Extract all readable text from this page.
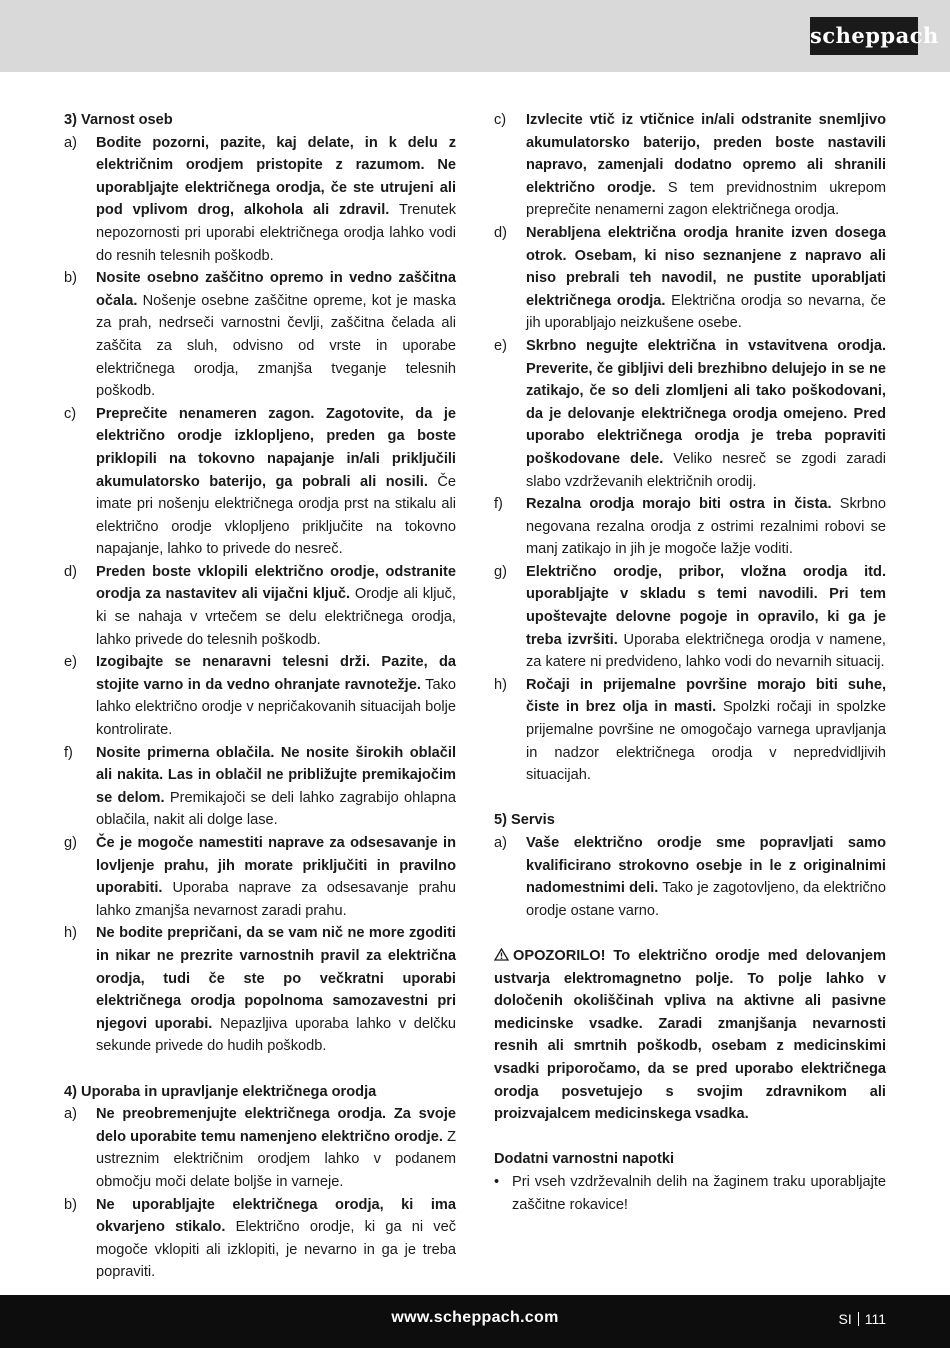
scheppach
3) Varnost oseb
a)	Bodite pozorni, pazite, kaj delate, in k delu z električnim orodjem pristopite z razumom. Ne uporabljajte električnega orodja, če ste utrujeni ali pod vplivom drog, alkohola ali zdravil. Trenutek nepozornosti pri uporabi električnega orodja lahko vodi do resnih telesnih poškodb.
b)	Nosite osebno zaščitno opremo in vedno zaščitna očala. Nošenje osebne zaščitne opreme, kot je maska za prah, nedrseči varnostni čevlji, zaščitna čelada ali zaščita za sluh, odvisno od vrste in uporabe električnega orodja, zmanjša tveganje telesnih poškodb.
c)	Preprečite nenameren zagon. Zagotovite, da je električno orodje izklopljeno, preden ga boste priklopili na tokovno napajanje in/ali priključili akumulatorsko baterijo, ga pobrali ali nosili. Če imate pri nošenju električnega orodja prst na stikalu ali električno orodje vklopljeno priključite na tokovno napajanje, lahko to privede do nesreč.
d)	Preden boste vklopili električno orodje, odstranite orodja za nastavitev ali vijačni ključ. Orodje ali ključ, ki se nahaja v vrtečem se delu električnega orodja, lahko privede do telesnih poškodb.
e)	Izogibajte se nenaravni telesni drži. Pazite, da stojite varno in da vedno ohranjate ravnotežje. Tako lahko električno orodje v nepričakovanih situacijah bolje kontrolirate.
f)	Nosite primerna oblačila. Ne nosite širokih oblačil ali nakita. Las in oblačil ne približujte premikajočim se delom. Premikajoči se deli lahko zagrabijo ohlapna oblačila, nakit ali dolge lase.
g)	Če je mogoče namestiti naprave za odsesavanje in lovljenje prahu, jih morate priključiti in pravilno uporabiti. Uporaba naprave za odsesavanje prahu lahko zmanjša nevarnost zaradi prahu.
h)	Ne bodite prepričani, da se vam nič ne more zgoditi in nikar ne prezrite varnostnih pravil za električna orodja, tudi če ste po večkratni uporabi električnega orodja popolnoma samozavestni pri njegovi uporabi. Nepazljiva uporaba lahko v delčku sekunde privede do hudih poškodb.
4) Uporaba in upravljanje električnega orodja
a)	Ne preobremenjujte električnega orodja. Za svoje delo uporabite temu namenjeno električno orodje. Z ustreznim električnim orodjem lahko v podanem območju moči delate boljše in varneje.
b)	Ne uporabljajte električnega orodja, ki ima okvarjeno stikalo. Električno orodje, ki ga ni več mogoče vklopiti ali izklopiti, je nevarno in ga je treba popraviti.
c)	Izvlecite vtič iz vtičnice in/ali odstranite snemljivo akumulatorsko baterijo, preden boste nastavili napravo, zamenjali dodatno opremo ali shranili električno orodje. S tem previdnostnim ukrepom preprečite nenamerni zagon električnega orodja.
d)	Nerabljena električna orodja hranite izven dosega otrok. Osebam, ki niso seznanjene z napravo ali niso prebrali teh navodil, ne pustite uporabljati električnega orodja. Električna orodja so nevarna, če jih uporabljajo neizkušene osebe.
e)	Skrbno negujte električna in vstavitvena orodja. Preverite, če gibljivi deli brezhibno delujejo in se ne zatikajo, če so deli zlomljeni ali tako poškodovani, da je delovanje električnega orodja omejeno. Pred uporabo električnega orodja je treba popraviti poškodovane dele. Veliko nesreč se zgodi zaradi slabo vzdrževanih električnih orodij.
f)	Rezalna orodja morajo biti ostra in čista. Skrbno negovana rezalna orodja z ostrimi rezalnimi robovi se manj zatikajo in jih je mogoče lažje voditi.
g)	Električno orodje, pribor, vložna orodja itd. uporabljajte v skladu s temi navodili. Pri tem upoštevajte delovne pogoje in opravilo, ki ga je treba izvršiti. Uporaba električnega orodja v namene, za katere ni predvideno, lahko vodi do nevarnih situacij.
h)	Ročaji in prijemalne površine morajo biti suhe, čiste in brez olja in masti. Spolzki ročaji in spolzke prijemalne površine ne omogočajo varnega upravljanja in nadzor električnega orodja v nepredvidljivih situacijah.
5) Servis
a)	Vaše električno orodje sme popravljati samo kvalificirano strokovno osebje in le z originalnimi nadomestnimi deli. Tako je zagotovljeno, da električno orodje ostane varno.
OPOZORILO! To električno orodje med delovanjem ustvarja elektromagnetno polje. To polje lahko v določenih okoliščinah vpliva na aktivne ali pasivne medicinske vsadke. Zaradi zmanjšanja nevarnosti resnih ali smrtnih poškodb, osebam z medicinskimi vsadki priporočamo, da se pred uporabo električnega orodja posvetujejo s svojim zdravnikom ali proizvajalcem medicinskega vsadka.
Dodatni varnostni napotki
• Pri vseh vzdrževalnih delih na žaginem traku uporabljajte zaščitne rokavice!
www.scheppach.com	SI 111
